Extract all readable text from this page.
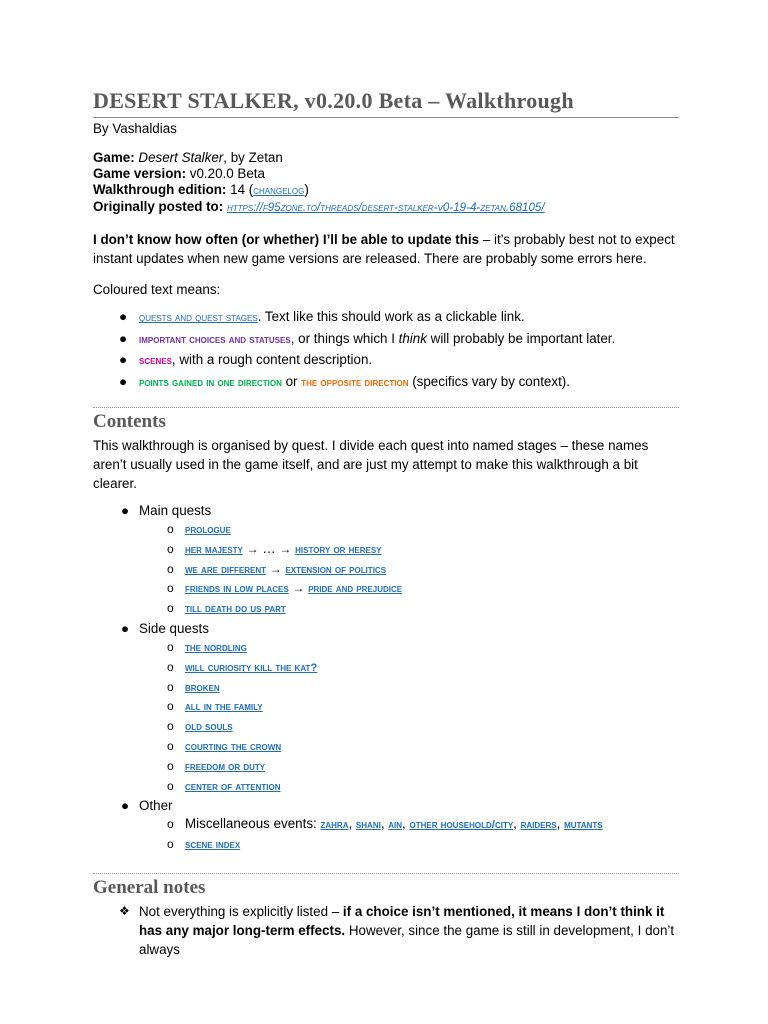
DESERT STALKER, v0.20.0 Beta – Walkthrough
By Vashaldias
Game: Desert Stalker, by Zetan
Game version: v0.20.0 Beta
Walkthrough edition: 14 (changelog)
Originally posted to: https://f95zone.to/threads/desert-stalker-v0-19-4-zetan.68105/
I don’t know how often (or whether) I’ll be able to update this – it’s probably best not to expect instant updates when new game versions are released. There are probably some errors here.
Coloured text means:
● quests and quest stages. Text like this should work as a clickable link.
● important choices and statuses, or things which I think will probably be important later.
● scenes, with a rough content description.
● points gained in one direction or the opposite direction (specifics vary by context).
Contents
This walkthrough is organised by quest. I divide each quest into named stages – these names aren’t usually used in the game itself, and are just my attempt to make this walkthrough a bit clearer.
● Main quests
o prologue
o her majesty → … → history or heresy
o we are different → extension of politics
o friends in low places → pride and prejudice
o till death do us part
● Side quests
o the nordling
o will curiosity kill the kat?
o broken
o all in the family
o old souls
o courting the crown
o freedom or duty
o center of attention
● Other
o Miscellaneous events: zahra, shani, ain, other household/city, raiders, mutants
o scene index
General notes
❖ Not everything is explicitly listed – if a choice isn’t mentioned, it means I don’t think it has any major long-term effects. However, since the game is still in development, I don’t always
